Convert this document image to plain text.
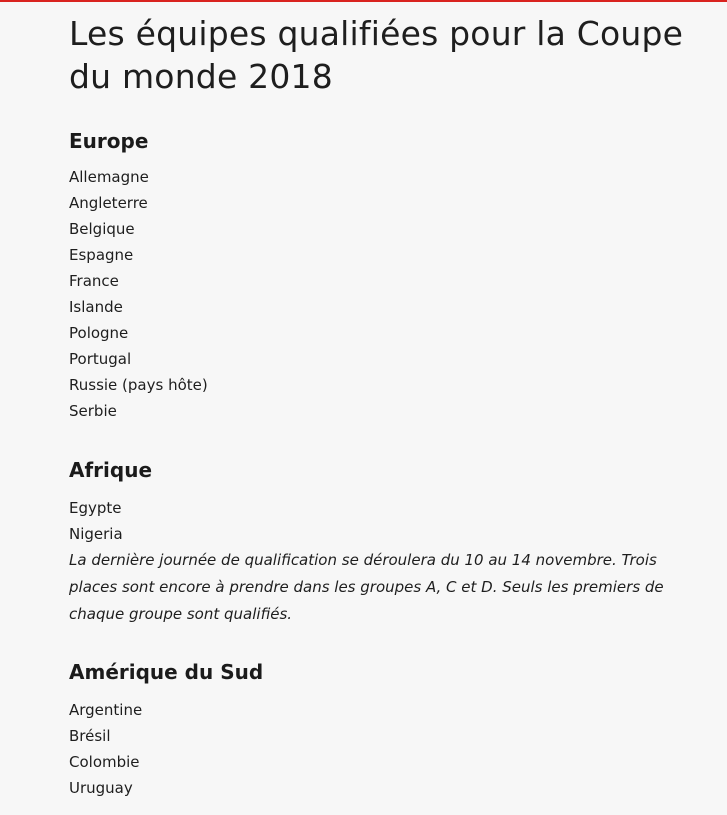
Les équipes qualifiées pour la Coupe du monde 2018
Europe
Allemagne
Angleterre
Belgique
Espagne
France
Islande
Pologne
Portugal
Russie (pays hôte)
Serbie
Afrique
Egypte
Nigeria

La dernière journée de qualification se déroulera du 10 au 14 novembre. Trois places sont encore à prendre dans les groupes A, C et D. Seuls les premiers de chaque groupe sont qualifiés.

Amérique du Sud
Argentine
Brésil
Colombie
Uruguay
